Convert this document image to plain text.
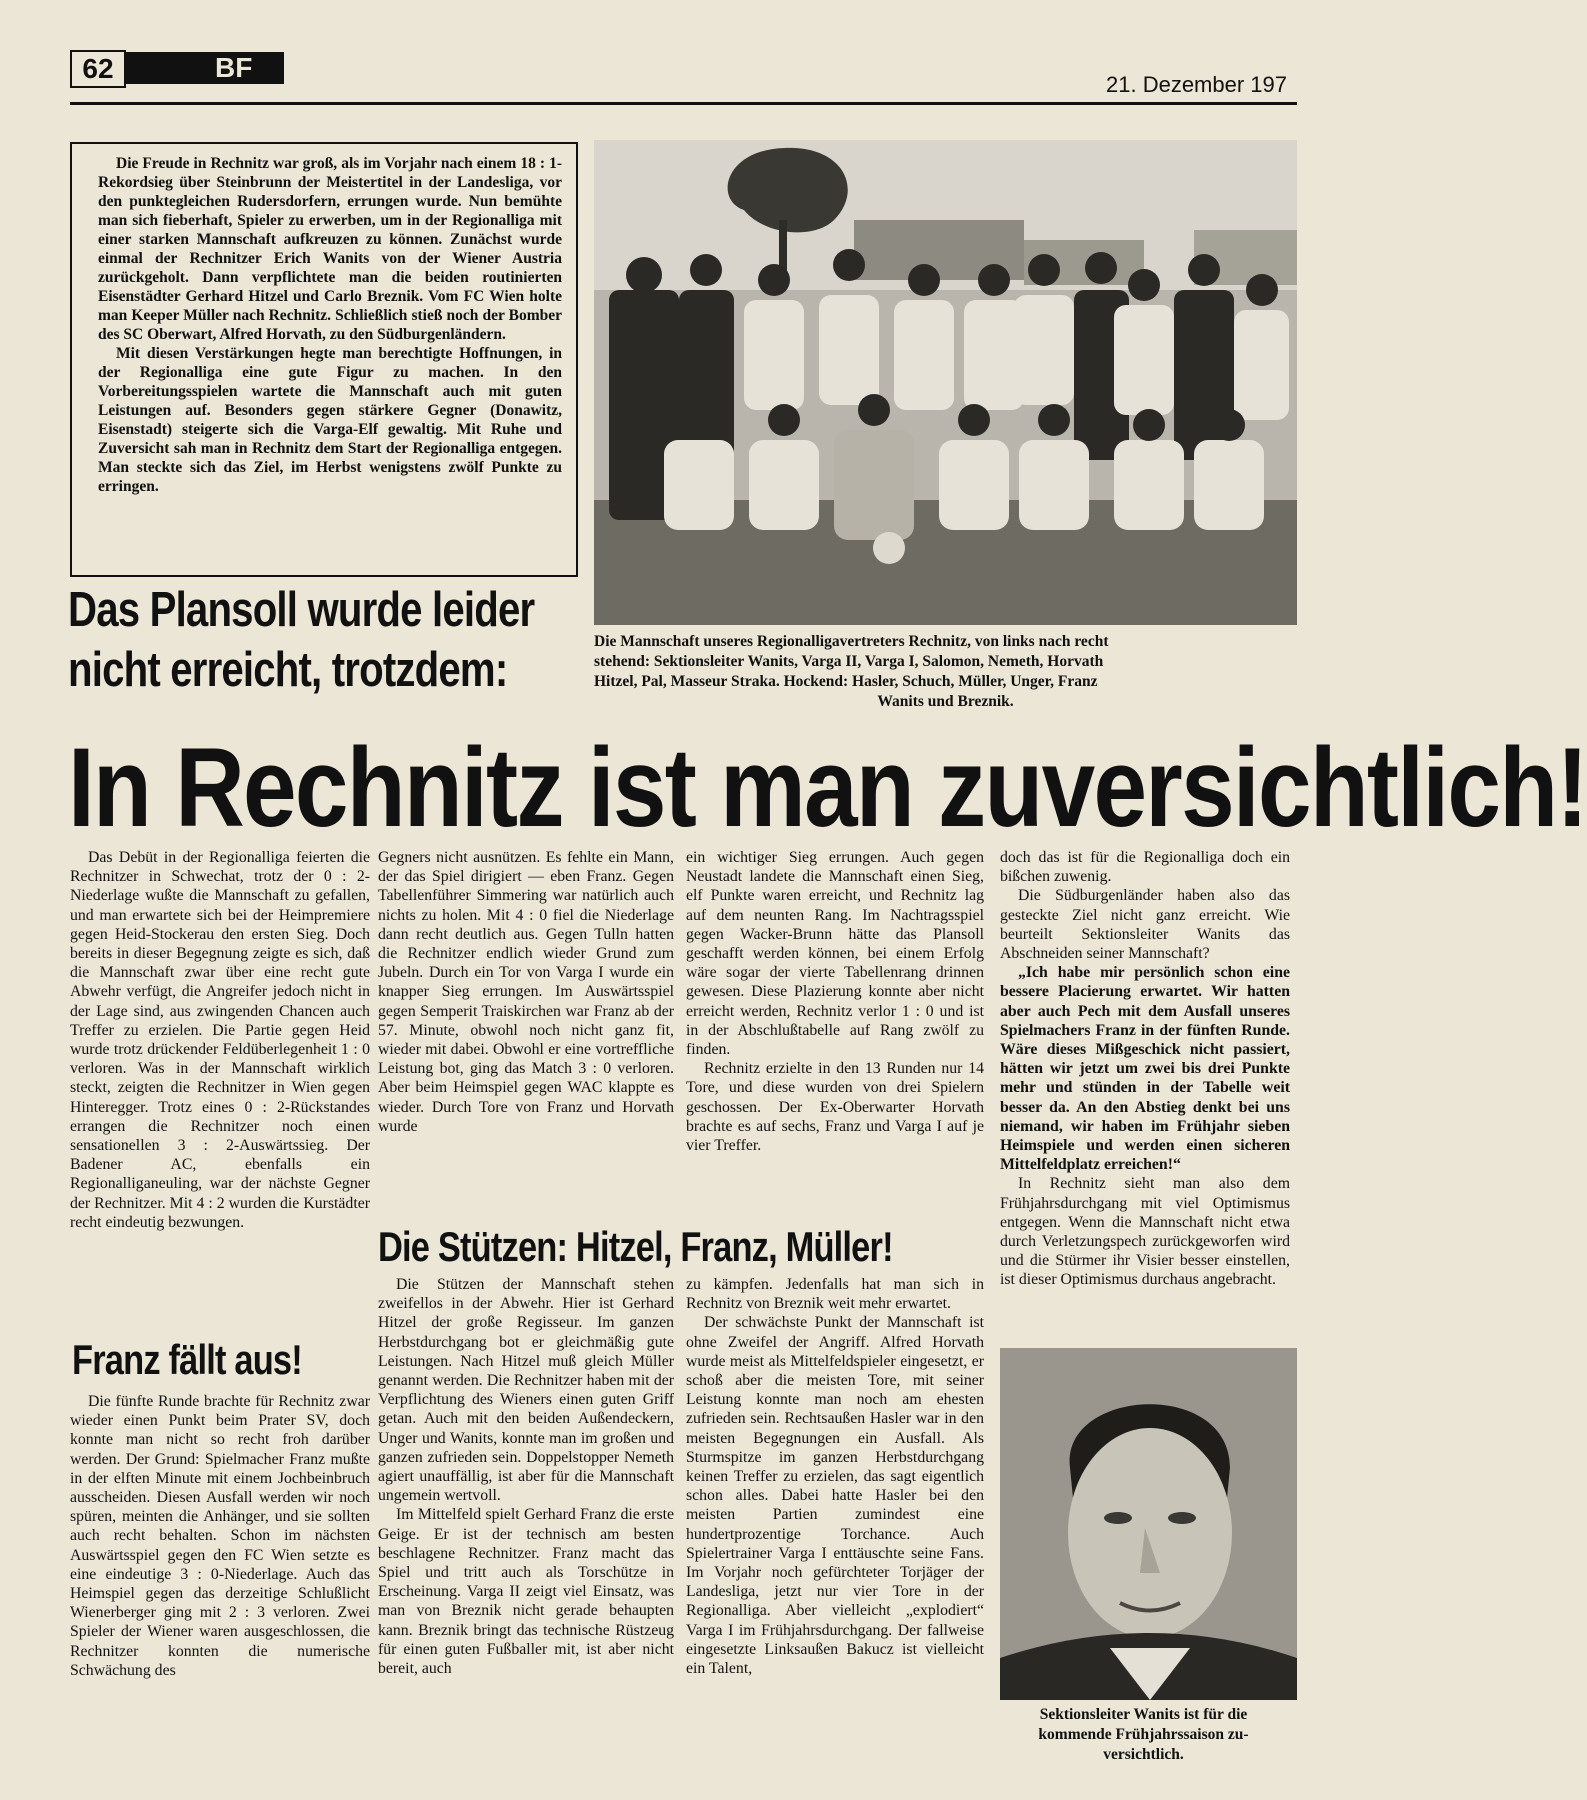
62	BF
21. Dezember 197

Die Freude in Rechnitz war groß, als im Vorjahr nach einem 18 : 1-Rekordsieg über Steinbrunn der Meistertitel in der Landesliga, vor den punktegleichen Rudersdorfern, errungen wurde. Nun bemühte man sich fieberhaft, Spieler zu erwerben, um in der Regionalliga mit einer starken Mannschaft aufkreuzen zu können. Zunächst wurde einmal der Rechnitzer Erich Wanits von der Wiener Austria zurückgeholt. Dann verpflichtete man die beiden routinierten Eisenstädter Gerhard Hitzel und Carlo Breznik. Vom FC Wien holte man Keeper Müller nach Rechnitz. Schließlich stieß noch der Bomber des SC Oberwart, Alfred Horvath, zu den Südburgenländern.

Mit diesen Verstärkungen hegte man berechtigte Hoffnungen, in der Regionalliga eine gute Figur zu machen. In den Vorbereitungsspielen wartete die Mannschaft auch mit guten Leistungen auf. Besonders gegen stärkere Gegner (Donawitz, Eisenstadt) steigerte sich die Varga-Elf gewaltig. Mit Ruhe und Zuversicht sah man in Rechnitz dem Start der Regionalliga entgegen. Man steckte sich das Ziel, im Herbst wenigstens zwölf Punkte zu erringen.

Die Mannschaft unseres Regionalligavertreters Rechnitz, von links nach recht
stehend: Sektionsleiter Wanits, Varga II, Varga I, Salomon, Nemeth, Horvath
Hitzel, Pal, Masseur Straka. Hockend: Hasler, Schuch, Müller, Unger, Franz
Wanits und Breznik.
Das Plansoll wurde leider
nicht erreicht, trotzdem:
In Rechnitz ist man zuversichtlich!

Das Debüt in der Regionalliga feierten die Rechnitzer in Schwechat, trotz der 0 : 2-Niederlage wußte die Mannschaft zu gefallen, und man erwartete sich bei der Heimpremiere gegen Heid-Stockerau den ersten Sieg. Doch bereits in dieser Begegnung zeigte es sich, daß die Mannschaft zwar über eine recht gute Abwehr verfügt, die Angreifer jedoch nicht in der Lage sind, aus zwingenden Chancen auch Treffer zu erzielen. Die Partie gegen Heid wurde trotz drückender Feldüberlegenheit 1 : 0 verloren. Was in der Mannschaft wirklich steckt, zeigten die Rechnitzer in Wien gegen Hinteregger. Trotz eines 0 : 2-Rückstandes errangen die Rechnitzer noch einen sensationellen 3 : 2-Auswärtssieg. Der Badener AC, ebenfalls ein Regionalliganeuling, war der nächste Gegner der Rechnitzer. Mit 4 : 2 wurden die Kurstädter recht eindeutig bezwungen.

Franz fällt aus!

Die fünfte Runde brachte für Rechnitz zwar wieder einen Punkt beim Prater SV, doch konnte man nicht so recht froh darüber werden. Der Grund: Spielmacher Franz mußte in der elften Minute mit einem Jochbeinbruch ausscheiden. Diesen Ausfall werden wir noch spüren, meinten die Anhänger, und sie sollten auch recht behalten. Schon im nächsten Auswärtsspiel gegen den FC Wien setzte es eine eindeutige 3 : 0-Niederlage. Auch das Heimspiel gegen das derzeitige Schlußlicht Wienerberger ging mit 2 : 3 verloren. Zwei Spieler der Wiener waren ausgeschlossen, die Rechnitzer konnten die numerische Schwächung des

Gegners nicht ausnützen. Es fehlte ein Mann, der das Spiel dirigiert — eben Franz. Gegen Tabellenführer Simmering war natürlich auch nichts zu holen. Mit 4 : 0 fiel die Niederlage dann recht deutlich aus. Gegen Tulln hatten die Rechnitzer endlich wieder Grund zum Jubeln. Durch ein Tor von Varga I wurde ein knapper Sieg errungen. Im Auswärtsspiel gegen Semperit Traiskirchen war Franz ab der 57. Minute, obwohl noch nicht ganz fit, wieder mit dabei. Obwohl er eine vortreffliche Leistung bot, ging das Match 3 : 0 verloren. Aber beim Heimspiel gegen WAC klappte es wieder. Durch Tore von Franz und Horvath wurde

ein wichtiger Sieg errungen. Auch gegen Neustadt landete die Mannschaft einen Sieg, elf Punkte waren erreicht, und Rechnitz lag auf dem neunten Rang. Im Nachtragsspiel gegen Wacker-Brunn hätte das Plansoll geschafft werden können, bei einem Erfolg wäre sogar der vierte Tabellenrang drinnen gewesen. Diese Plazierung konnte aber nicht erreicht werden, Rechnitz verlor 1 : 0 und ist in der Abschlußtabelle auf Rang zwölf zu finden.

Rechnitz erzielte in den 13 Runden nur 14 Tore, und diese wurden von drei Spielern geschossen. Der Ex-Oberwarter Horvath brachte es auf sechs, Franz und Varga I auf je vier Treffer.

doch das ist für die Regionalliga doch ein bißchen zuwenig.

Die Südburgenländer haben also das gesteckte Ziel nicht ganz erreicht. Wie beurteilt Sektionsleiter Wanits das Abschneiden seiner Mannschaft?

„Ich habe mir persönlich schon eine bessere Placierung erwartet. Wir hatten aber auch Pech mit dem Ausfall unseres Spielmachers Franz in der fünften Runde. Wäre dieses Mißgeschick nicht passiert, hätten wir jetzt um zwei bis drei Punkte mehr und stünden in der Tabelle weit besser da. An den Abstieg denkt bei uns niemand, wir haben im Frühjahr sieben Heimspiele und werden einen sicheren Mittelfeldplatz erreichen!“

In Rechnitz sieht man also dem Frühjahrsdurchgang mit viel Optimismus entgegen. Wenn die Mannschaft nicht etwa durch Verletzungspech zurückgeworfen wird und die Stürmer ihr Visier besser einstellen, ist dieser Optimismus durchaus angebracht.

Die Stützen: Hitzel, Franz, Müller!

Die Stützen der Mannschaft stehen zweifellos in der Abwehr. Hier ist Gerhard Hitzel der große Regisseur. Im ganzen Herbstdurchgang bot er gleichmäßig gute Leistungen. Nach Hitzel muß gleich Müller genannt werden. Die Rechnitzer haben mit der Verpflichtung des Wieners einen guten Griff getan. Auch mit den beiden Außendeckern, Unger und Wanits, konnte man im großen und ganzen zufrieden sein. Doppelstopper Nemeth agiert unauffällig, ist aber für die Mannschaft ungemein wertvoll.

Im Mittelfeld spielt Gerhard Franz die erste Geige. Er ist der technisch am besten beschlagene Rechnitzer. Franz macht das Spiel und tritt auch als Torschütze in Erscheinung. Varga II zeigt viel Einsatz, was man von Breznik nicht gerade behaupten kann. Breznik bringt das technische Rüstzeug für einen guten Fußballer mit, ist aber nicht bereit, auch

zu kämpfen. Jedenfalls hat man sich in Rechnitz von Breznik weit mehr erwartet.

Der schwächste Punkt der Mannschaft ist ohne Zweifel der Angriff. Alfred Horvath wurde meist als Mittelfeldspieler eingesetzt, er schoß aber die meisten Tore, mit seiner Leistung konnte man noch am ehesten zufrieden sein. Rechtsaußen Hasler war in den meisten Begegnungen ein Ausfall. Als Sturmspitze im ganzen Herbstdurchgang keinen Treffer zu erzielen, das sagt eigentlich schon alles. Dabei hatte Hasler bei den meisten Partien zumindest eine hundertprozentige Torchance. Auch Spielertrainer Varga I enttäuschte seine Fans. Im Vorjahr noch gefürchteter Torjäger der Landesliga, jetzt nur vier Tore in der Regionalliga. Aber vielleicht „explodiert“ Varga I im Frühjahrsdurchgang. Der fallweise eingesetzte Linksaußen Bakucz ist vielleicht ein Talent,

Sektionsleiter Wanits ist für die
kommende Frühjahrssaison zu-
versichtlich.
